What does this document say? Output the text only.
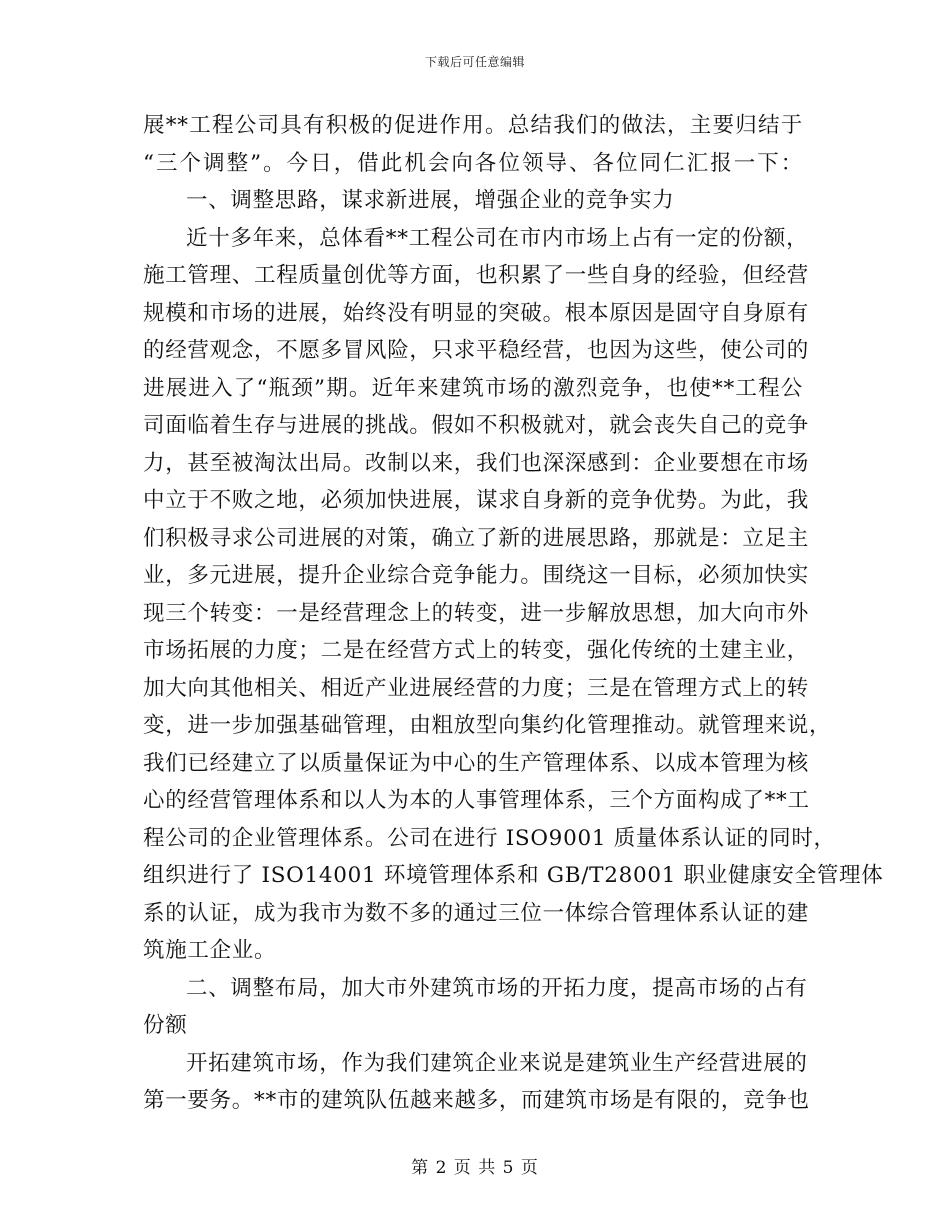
下载后可任意编辑
展**工程公司具有积极的促进作用。总结我们的做法，主要归结于
“三个调整”。今日，借此机会向各位领导、各位同仁汇报一下：
一、调整思路，谋求新进展，增强企业的竞争实力
近十多年来，总体看**工程公司在市内市场上占有一定的份额，
施工管理、工程质量创优等方面，也积累了一些自身的经验，但经营
规模和市场的进展，始终没有明显的突破。根本原因是固守自身原有
的经营观念，不愿多冒风险，只求平稳经营，也因为这些，使公司的
进展进入了“瓶颈”期。近年来建筑市场的激烈竞争，也使**工程公
司面临着生存与进展的挑战。假如不积极就对，就会丧失自己的竞争
力，甚至被淘汰出局。改制以来，我们也深深感到：企业要想在市场
中立于不败之地，必须加快进展，谋求自身新的竞争优势。为此，我
们积极寻求公司进展的对策，确立了新的进展思路，那就是：立足主
业，多元进展，提升企业综合竞争能力。围绕这一目标，必须加快实
现三个转变：一是经营理念上的转变，进一步解放思想，加大向市外
市场拓展的力度；二是在经营方式上的转变，强化传统的土建主业，
加大向其他相关、相近产业进展经营的力度；三是在管理方式上的转
变，进一步加强基础管理，由粗放型向集约化管理推动。就管理来说，
我们已经建立了以质量保证为中心的生产管理体系、以成本管理为核
心的经营管理体系和以人为本的人事管理体系，三个方面构成了**工
程公司的企业管理体系。公司在进行 ISO9001 质量体系认证的同时，
组织进行了 ISO14001 环境管理体系和 GB/T28001 职业健康安全管理体
系的认证，成为我市为数不多的通过三位一体综合管理体系认证的建
筑施工企业。
二、调整布局，加大市外建筑市场的开拓力度，提高市场的占有
份额
开拓建筑市场，作为我们建筑企业来说是建筑业生产经营进展的
第一要务。**市的建筑队伍越来越多，而建筑市场是有限的，竞争也
第 2 页 共 5 页
